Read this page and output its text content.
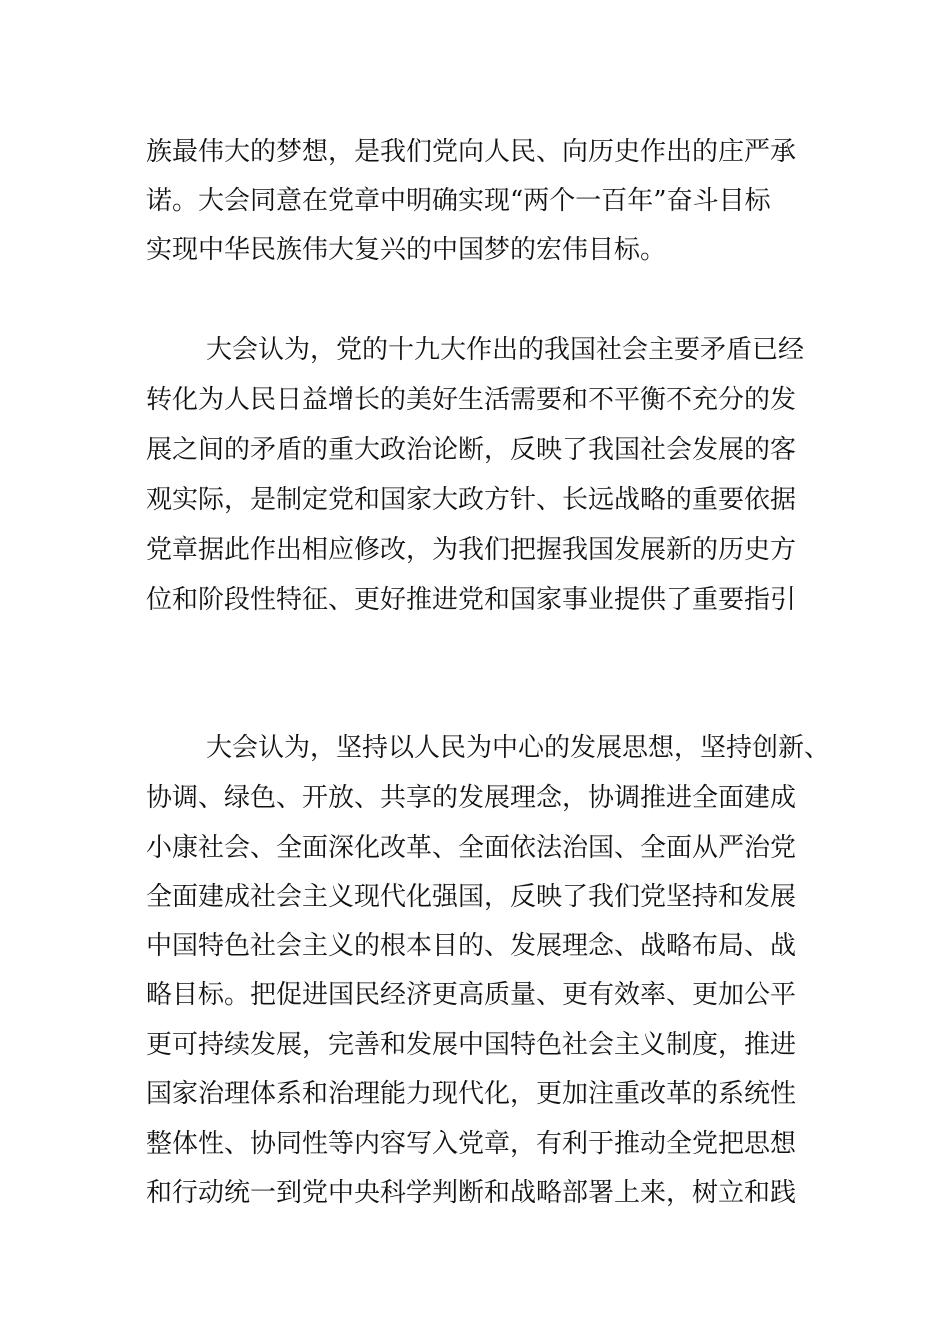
族最伟大的梦想，是我们党向人民、向历史作出的庄严承
诺。大会同意在党章中明确实现“两个一百年”奋斗目标
实现中华民族伟大复兴的中国梦的宏伟目标。
大会认为，党的十九大作出的我国社会主要矛盾已经
转化为人民日益增长的美好生活需要和不平衡不充分的发
展之间的矛盾的重大政治论断，反映了我国社会发展的客
观实际，是制定党和国家大政方针、长远战略的重要依据
党章据此作出相应修改，为我们把握我国发展新的历史方
位和阶段性特征、更好推进党和国家事业提供了重要指引
大会认为，坚持以人民为中心的发展思想，坚持创新、
协调、绿色、开放、共享的发展理念，协调推进全面建成
小康社会、全面深化改革、全面依法治国、全面从严治党
全面建成社会主义现代化强国，反映了我们党坚持和发展
中国特色社会主义的根本目的、发展理念、战略布局、战
略目标。把促进国民经济更高质量、更有效率、更加公平
更可持续发展，完善和发展中国特色社会主义制度，推进
国家治理体系和治理能力现代化，更加注重改革的系统性
整体性、协同性等内容写入党章，有利于推动全党把思想
和行动统一到党中央科学判断和战略部署上来，树立和践
